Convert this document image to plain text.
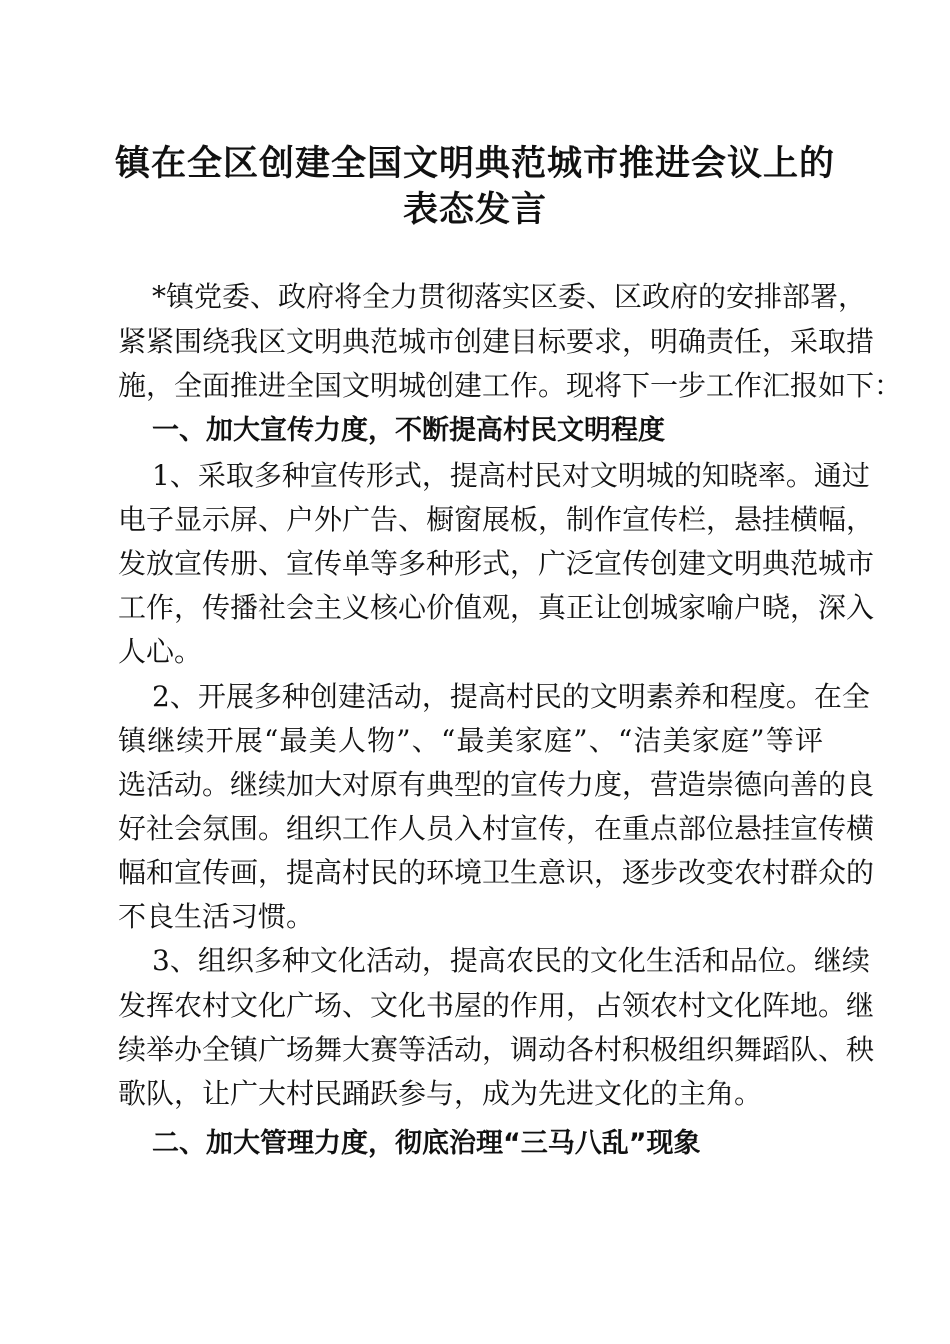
镇在全区创建全国文明典范城市推进会议上的
表态发言
*镇党委、政府将全力贯彻落实区委、区政府的安排部署，
紧紧围绕我区文明典范城市创建目标要求，明确责任，采取措
施，全面推进全国文明城创建工作。现将下一步工作汇报如下：
一、加大宣传力度，不断提高村民文明程度
1、采取多种宣传形式，提高村民对文明城的知晓率。通过
电子显示屏、户外广告、橱窗展板，制作宣传栏，悬挂横幅，
发放宣传册、宣传单等多种形式，广泛宣传创建文明典范城市
工作，传播社会主义核心价值观，真正让创城家喻户晓，深入
人心。
2、开展多种创建活动，提高村民的文明素养和程度。在全
镇继续开展“最美人物”、“最美家庭”、“洁美家庭”等评
选活动。继续加大对原有典型的宣传力度，营造崇德向善的良
好社会氛围。组织工作人员入村宣传，在重点部位悬挂宣传横
幅和宣传画，提高村民的环境卫生意识，逐步改变农村群众的
不良生活习惯。
3、组织多种文化活动，提高农民的文化生活和品位。继续
发挥农村文化广场、文化书屋的作用，占领农村文化阵地。继
续举办全镇广场舞大赛等活动，调动各村积极组织舞蹈队、秧
歌队，让广大村民踊跃参与，成为先进文化的主角。
二、加大管理力度，彻底治理“三马八乱”现象
